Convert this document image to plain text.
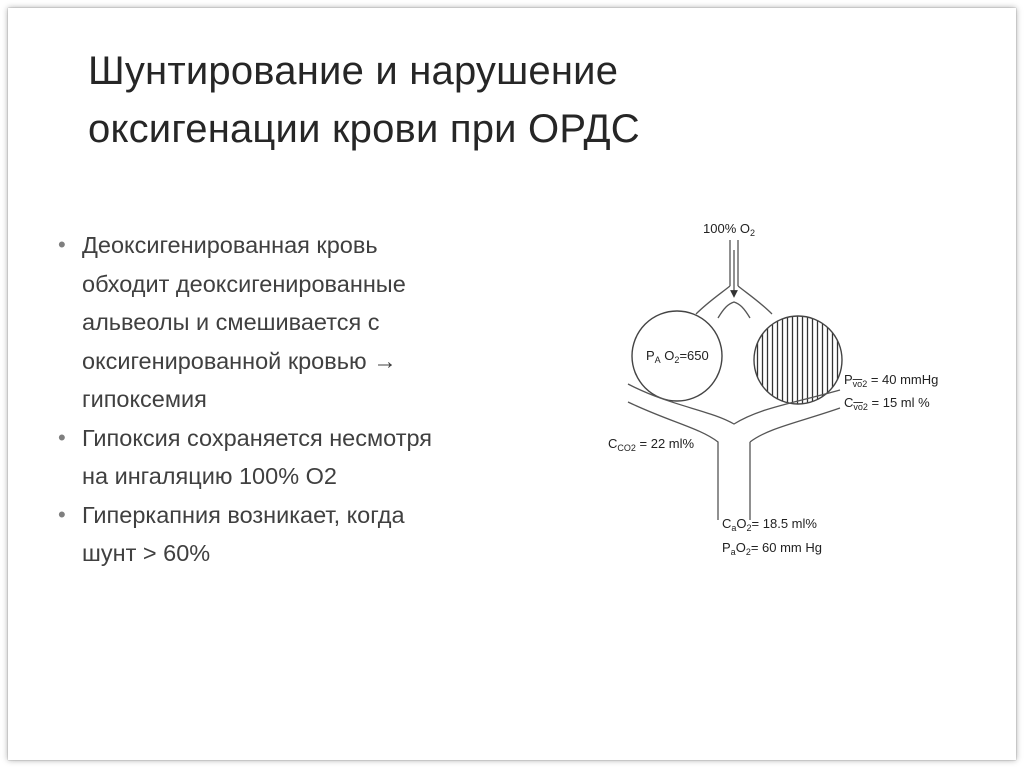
Шунтирование и нарушение
оксигенации крови при ОРДС
• Деоксигенированная кровь
обходит деоксигенированные
альвеолы и смешивается с
оксигенированной кровью →
гипоксемия
• Гипоксия сохраняется несмотря
на ингаляцию 100% О2
• Гиперкапния возникает, когда
шунт > 60%
100% $O_2$
$P_A$ $O_2=650$
$P_{vo}2 = 40$ mmHg
$C_{vo}2 = 15$ ml %
$C_{CO}2 = 22$ ml%
$C_aO_2= 18.5$ ml%
$P_aO_2= 60$ mm Hg
